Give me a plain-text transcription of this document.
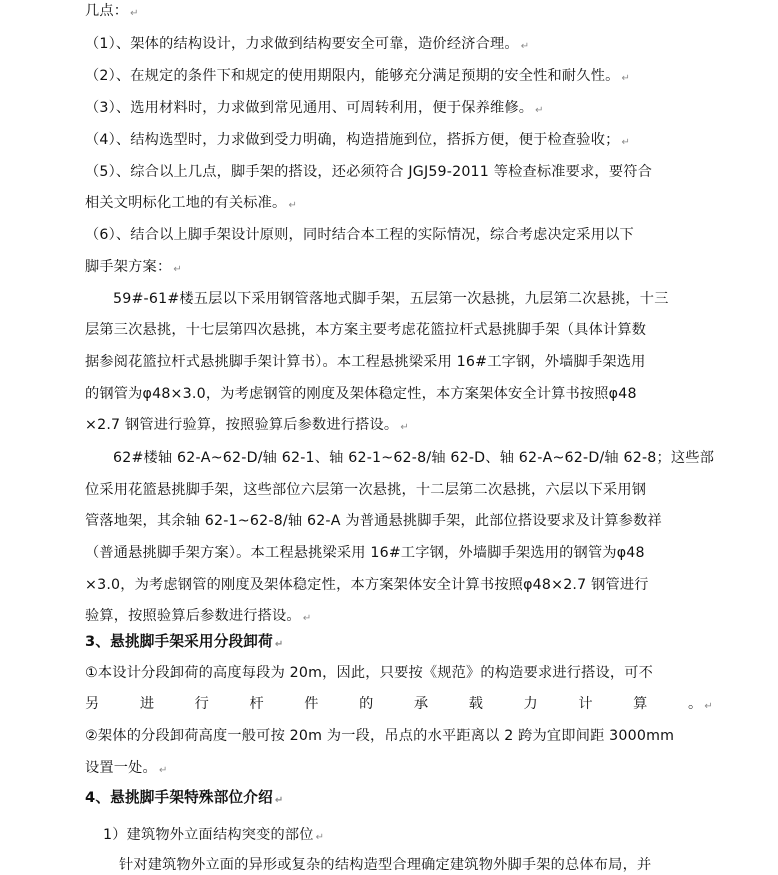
几点： ↵
（1）、架体的结构设计，力求做到结构要安全可靠，造价经济合理。 ↵
（2）、在规定的条件下和规定的使用期限内，能够充分满足预期的安全性和耐久性。 ↵
（3）、选用材料时，力求做到常见通用、可周转利用，便于保养维修。 ↵
（4）、结构选型时，力求做到受力明确，构造措施到位，搭拆方便，便于检查验收； ↵
（5）、综合以上几点，脚手架的搭设，还必须符合 JGJ59-2011 等检查标准要求，要符合
相关文明标化工地的有关标准。 ↵
（6）、结合以上脚手架设计原则，同时结合本工程的实际情况，综合考虑决定采用以下
脚手架方案： ↵
59#-61#楼五层以下采用钢管落地式脚手架，五层第一次悬挑，九层第二次悬挑，十三
层第三次悬挑，十七层第四次悬挑，本方案主要考虑花篮拉杆式悬挑脚手架（具体计算数
据参阅花篮拉杆式悬挑脚手架计算书）。本工程悬挑梁采用 16#工字钢，外墙脚手架选用
的钢管为φ48×3.0，为考虑钢管的刚度及架体稳定性，本方案架体安全计算书按照φ48
×2.7 钢管进行验算，按照验算后参数进行搭设。 ↵
62#楼轴 62-A~62-D/轴 62-1、轴 62-1~62-8/轴 62-D、轴 62-A~62-D/轴 62-8；这些部
位采用花篮悬挑脚手架，这些部位六层第一次悬挑，十二层第二次悬挑，六层以下采用钢
管落地架，其余轴 62-1~62-8/轴 62-A 为普通悬挑脚手架，此部位搭设要求及计算参数祥
（普通悬挑脚手架方案）。本工程悬挑梁采用 16#工字钢，外墙脚手架选用的钢管为φ48
×3.0，为考虑钢管的刚度及架体稳定性，本方案架体安全计算书按照φ48×2.7 钢管进行
验算，按照验算后参数进行搭设。 ↵
①本设计分段卸荷的高度每段为 20m，因此，只要按《规范》的构造要求进行搭设，可不
②架体的分段卸荷高度一般可按 20m 为一段，吊点的水平距离以 2 跨为宜即间距 3000mm
设置一处。 ↵
1）建筑物外立面结构突变的部位 ↵
针对建筑物外立面的异形或复杂的结构造型合理确定建筑物外脚手架的总体布局，并
3、悬挑脚手架采用分段卸荷 ↵
4、悬挑脚手架特殊部位介绍 ↵
另	进	行	杆	件	的	承	载	力	计	算	。 ↵
